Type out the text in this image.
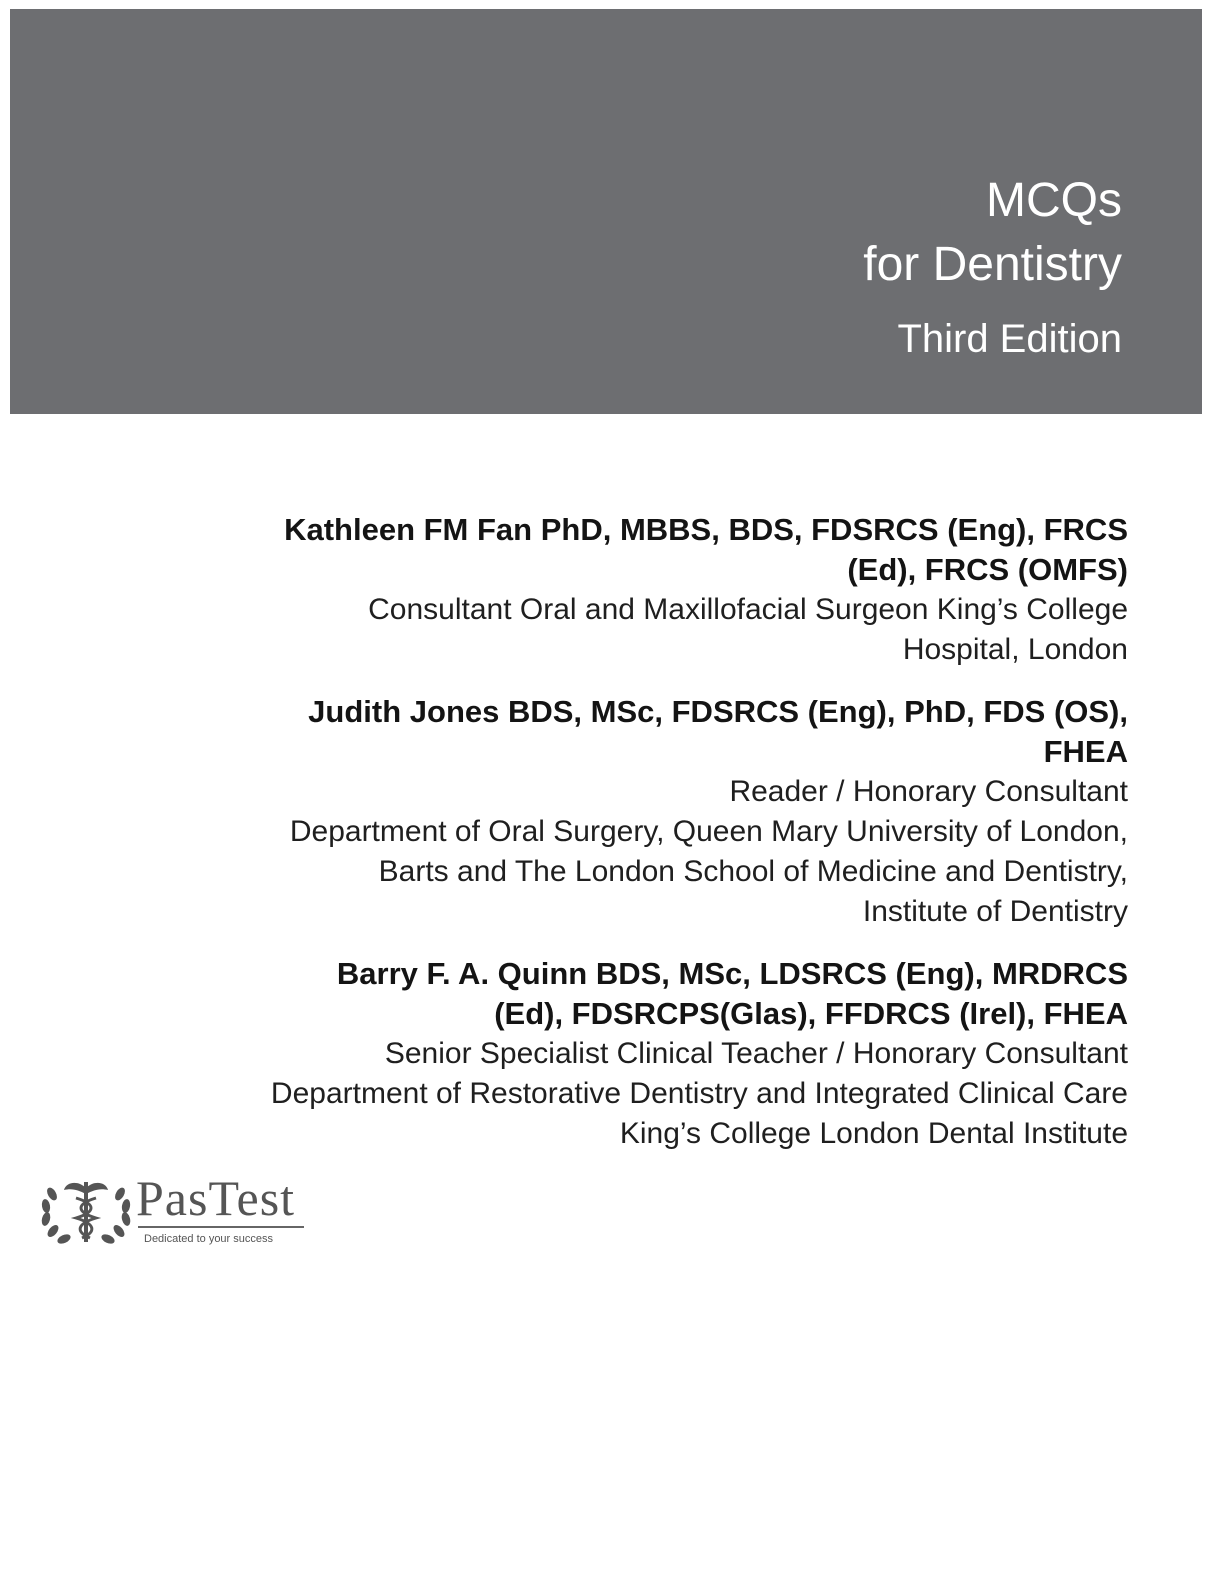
MCQs
for Dentistry
Third Edition
Kathleen FM Fan PhD, MBBS, BDS, FDSRCS (Eng), FRCS
(Ed), FRCS (OMFS)
Consultant Oral and Maxillofacial Surgeon King’s College
Hospital, London
Judith Jones BDS, MSc, FDSRCS (Eng), PhD, FDS (OS),
FHEA
Reader / Honorary Consultant
Department of Oral Surgery, Queen Mary University of London,
Barts and The London School of Medicine and Dentistry,
Institute of Dentistry
Barry F. A. Quinn BDS, MSc, LDSRCS (Eng), MRDRCS
(Ed), FDSRCPS(Glas), FFDRCS (Irel), FHEA
Senior Specialist Clinical Teacher / Honorary Consultant
Department of Restorative Dentistry and Integrated Clinical Care
King’s College London Dental Institute
PasTest
Dedicated to your success
